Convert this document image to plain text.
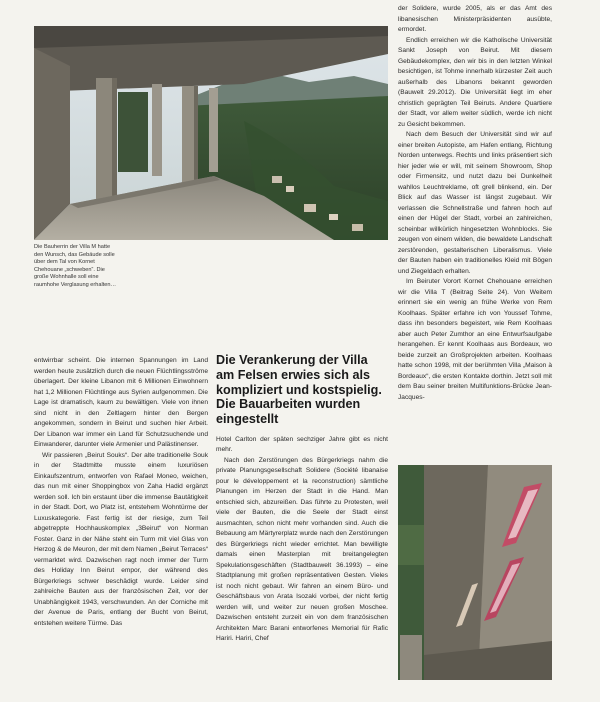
Die Bauherrin der Villa M hatte den Wunsch, das Gebäude solle über dem Tal von Kornet Chehouane „schweben“. Die große Wohnhalle soll eine raumhohe Verglasung erhalten…

der Solidere, wurde 2005, als er das Amt des libanesischen Ministerpräsidenten ausübte, ermordet.

Endlich erreichen wir die Katholische Universität Sankt Joseph von Beirut. Mit diesem Gebäudekomplex, den wir bis in den letzten Winkel besichtigen, ist Tohme innerhalb kürzester Zeit auch außerhalb des Libanons bekannt geworden (Bauwelt 29.2012). Die Universität liegt im eher christlich geprägten Teil Beiruts. Andere Quartiere der Stadt, vor allem weiter südlich, werde ich nicht zu Gesicht bekommen.

Nach dem Besuch der Universität sind wir auf einer breiten Autopiste, am Hafen entlang, Richtung Norden unterwegs. Rechts und links präsentiert sich hier jeder wie er will, mit seinem Showroom, Shop oder Firmensitz, und nutzt dazu bei Dunkelheit wahllos Leuchtreklame, oft grell blinkend, ein. Der Blick auf das Wasser ist längst zugebaut. Wir verlassen die Schnellstraße und fahren hoch auf einen der Hügel der Stadt, vorbei an zahlreichen, scheinbar willkürlich hingesetzten Wohnblocks. Sie zeugen von einem wilden, die bewaldete Landschaft zerstörenden, gestalterischen Liberalismus. Viele der Bauten haben ein traditionelles Kleid mit Bögen und Ziegeldach erhalten.

Im Beiruter Vorort Kornet Chehouane erreichen wir die Villa T (Beitrag Seite 24). Von Weitem erinnert sie ein wenig an frühe Werke von Rem Koolhaas. Später erfahre ich von Youssef Tohme, dass ihn besonders begeistert, wie Rem Koolhaas aber auch Peter Zumthor an eine Entwurfsaufgabe herangehen. Er kennt Koolhaas aus Bordeaux, wo beide zurzeit an Großprojekten arbeiten. Koolhaas hatte schon 1998, mit der berühmten Villa „Maison à Bordeaux“, die ersten Kontakte dorthin. Jetzt soll mit dem Bau seiner breiten Multifunktions-Brücke Jean-Jacques-

entwirrbar scheint. Die internen Spannungen im Land werden heute zusätzlich durch die neuen Flüchtlingsströme überlagert. Der kleine Libanon mit 6 Millionen Einwohnern hat 1,2 Millionen Flüchtlinge aus Syrien aufgenommen. Die Lage ist dramatisch, kaum zu bewältigen. Viele von ihnen sind nicht in den Zeltlagern hinter den Bergen angekommen, sondern in Beirut und suchen hier Arbeit. Der Libanon war immer ein Land für Schutzsuchende und Einwanderer, darunter viele Armenier und Palästinenser.

Wir passieren „Beirut Souks“. Der alte traditionelle Souk in der Stadtmitte musste einem luxuriösen Einkaufszentrum, entworfen von Rafael Moneo, weichen, das nun mit einer Shoppingbox von Zaha Hadid ergänzt werden soll. Ich bin erstaunt über die immense Bautätigkeit in der Stadt. Dort, wo Platz ist, entstehem Wohntürme der Luxuskategorie. Fast fertig ist der riesige, zum Teil abgetreppte Hochhauskomplex „3Beirut“ von Norman Foster. Ganz in der Nähe steht ein Turm mit viel Glas von Herzog & de Meuron, der mit dem Namen „Beirut Terraces“ vermarktet wird. Dazwischen ragt noch immer der Turm des Holiday Inn Beirut empor, der während des Bürgerkriegs schwer beschädigt wurde. Leider sind zahlreiche Bauten aus der französischen Zeit, vor der Unabhängigkeit 1943, verschwunden. An der Corniche mit der Avenue de Paris, entlang der Bucht von Beirut, entstehen weitere Türme. Das

Die Verankerung der Villa am Felsen erwies sich als kompliziert und kostspielig. Die Bauarbeiten wurden eingestellt

Hotel Carlton der späten sechziger Jahre gibt es nicht mehr.

Nach den Zerstörungen des Bürgerkriegs nahm die private Planungsgesellschaft Solidere (Société libanaise pour le développement et la reconstruction) sämtliche Planungen im Herzen der Stadt in die Hand. Man entschied sich, abzureißen. Das führte zu Protesten, weil viele der Bauten, die die Seele der Stadt einst ausmachten, schon nicht mehr vorhanden sind. Auch die Bebauung am Märtyrerplatz wurde nach den Zerstörungen des Bürgerkriegs nicht wieder errichtet. Man bewilligte damals einen Masterplan mit breitangelegten Spekulationsgeschäften (Stadtbauwelt 36.1993) – eine Stadtplanung mit großen repräsentativen Gesten. Vieles ist noch nicht gebaut. Wir fahren an einem Büro- und Geschäftsbaus von Arata Isozaki vorbei, der nicht fertig werden will, und weiter zur neuen großen Moschee. Dazwischen entsteht zurzeit ein von dem französischen Architekten Marc Barani entworfenes Memorial für Rafic Hariri. Hariri, Chef
